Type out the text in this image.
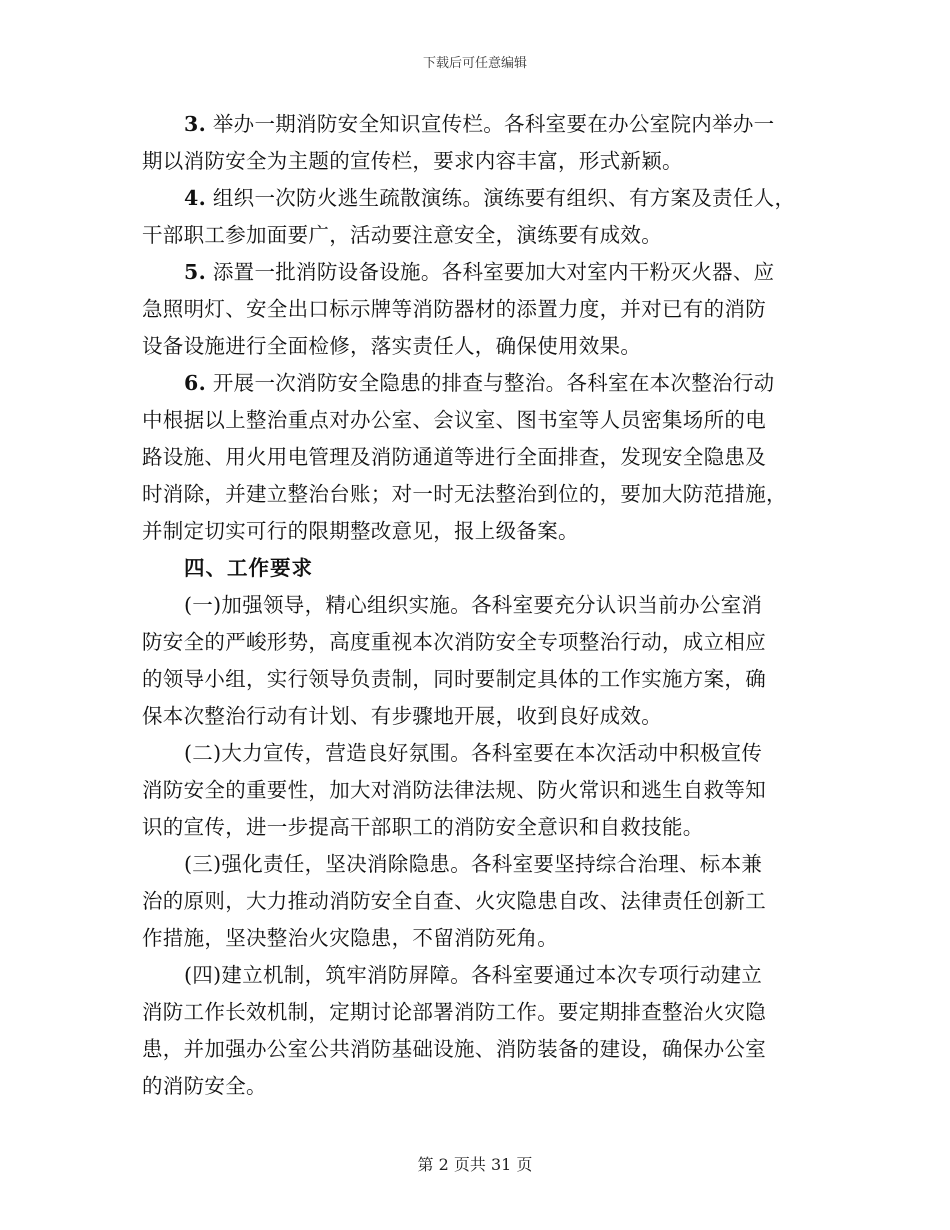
下载后可任意编辑
3. 举办一期消防安全知识宣传栏。各科室要在办公室院内举办一
期以消防安全为主题的宣传栏，要求内容丰富，形式新颖。
4. 组织一次防火逃生疏散演练。演练要有组织、有方案及责任人，
干部职工参加面要广，活动要注意安全，演练要有成效。
5. 添置一批消防设备设施。各科室要加大对室内干粉灭火器、应
急照明灯、安全出口标示牌等消防器材的添置力度，并对已有的消防
设备设施进行全面检修，落实责任人，确保使用效果。
6. 开展一次消防安全隐患的排查与整治。各科室在本次整治行动
中根据以上整治重点对办公室、会议室、图书室等人员密集场所的电
路设施、用火用电管理及消防通道等进行全面排查，发现安全隐患及
时消除，并建立整治台账；对一时无法整治到位的，要加大防范措施，
并制定切实可行的限期整改意见，报上级备案。
四、工作要求
(一)加强领导，精心组织实施。各科室要充分认识当前办公室消
防安全的严峻形势，高度重视本次消防安全专项整治行动，成立相应
的领导小组，实行领导负责制，同时要制定具体的工作实施方案，确
保本次整治行动有计划、有步骤地开展，收到良好成效。
(二)大力宣传，营造良好氛围。各科室要在本次活动中积极宣传
消防安全的重要性，加大对消防法律法规、防火常识和逃生自救等知
识的宣传，进一步提高干部职工的消防安全意识和自救技能。
(三)强化责任，坚决消除隐患。各科室要坚持综合治理、标本兼
治的原则，大力推动消防安全自查、火灾隐患自改、法律责任创新工
作措施，坚决整治火灾隐患，不留消防死角。
(四)建立机制，筑牢消防屏障。各科室要通过本次专项行动建立
消防工作长效机制，定期讨论部署消防工作。要定期排查整治火灾隐
患，并加强办公室公共消防基础设施、消防装备的建设，确保办公室
的消防安全。
第 2 页共 31 页
